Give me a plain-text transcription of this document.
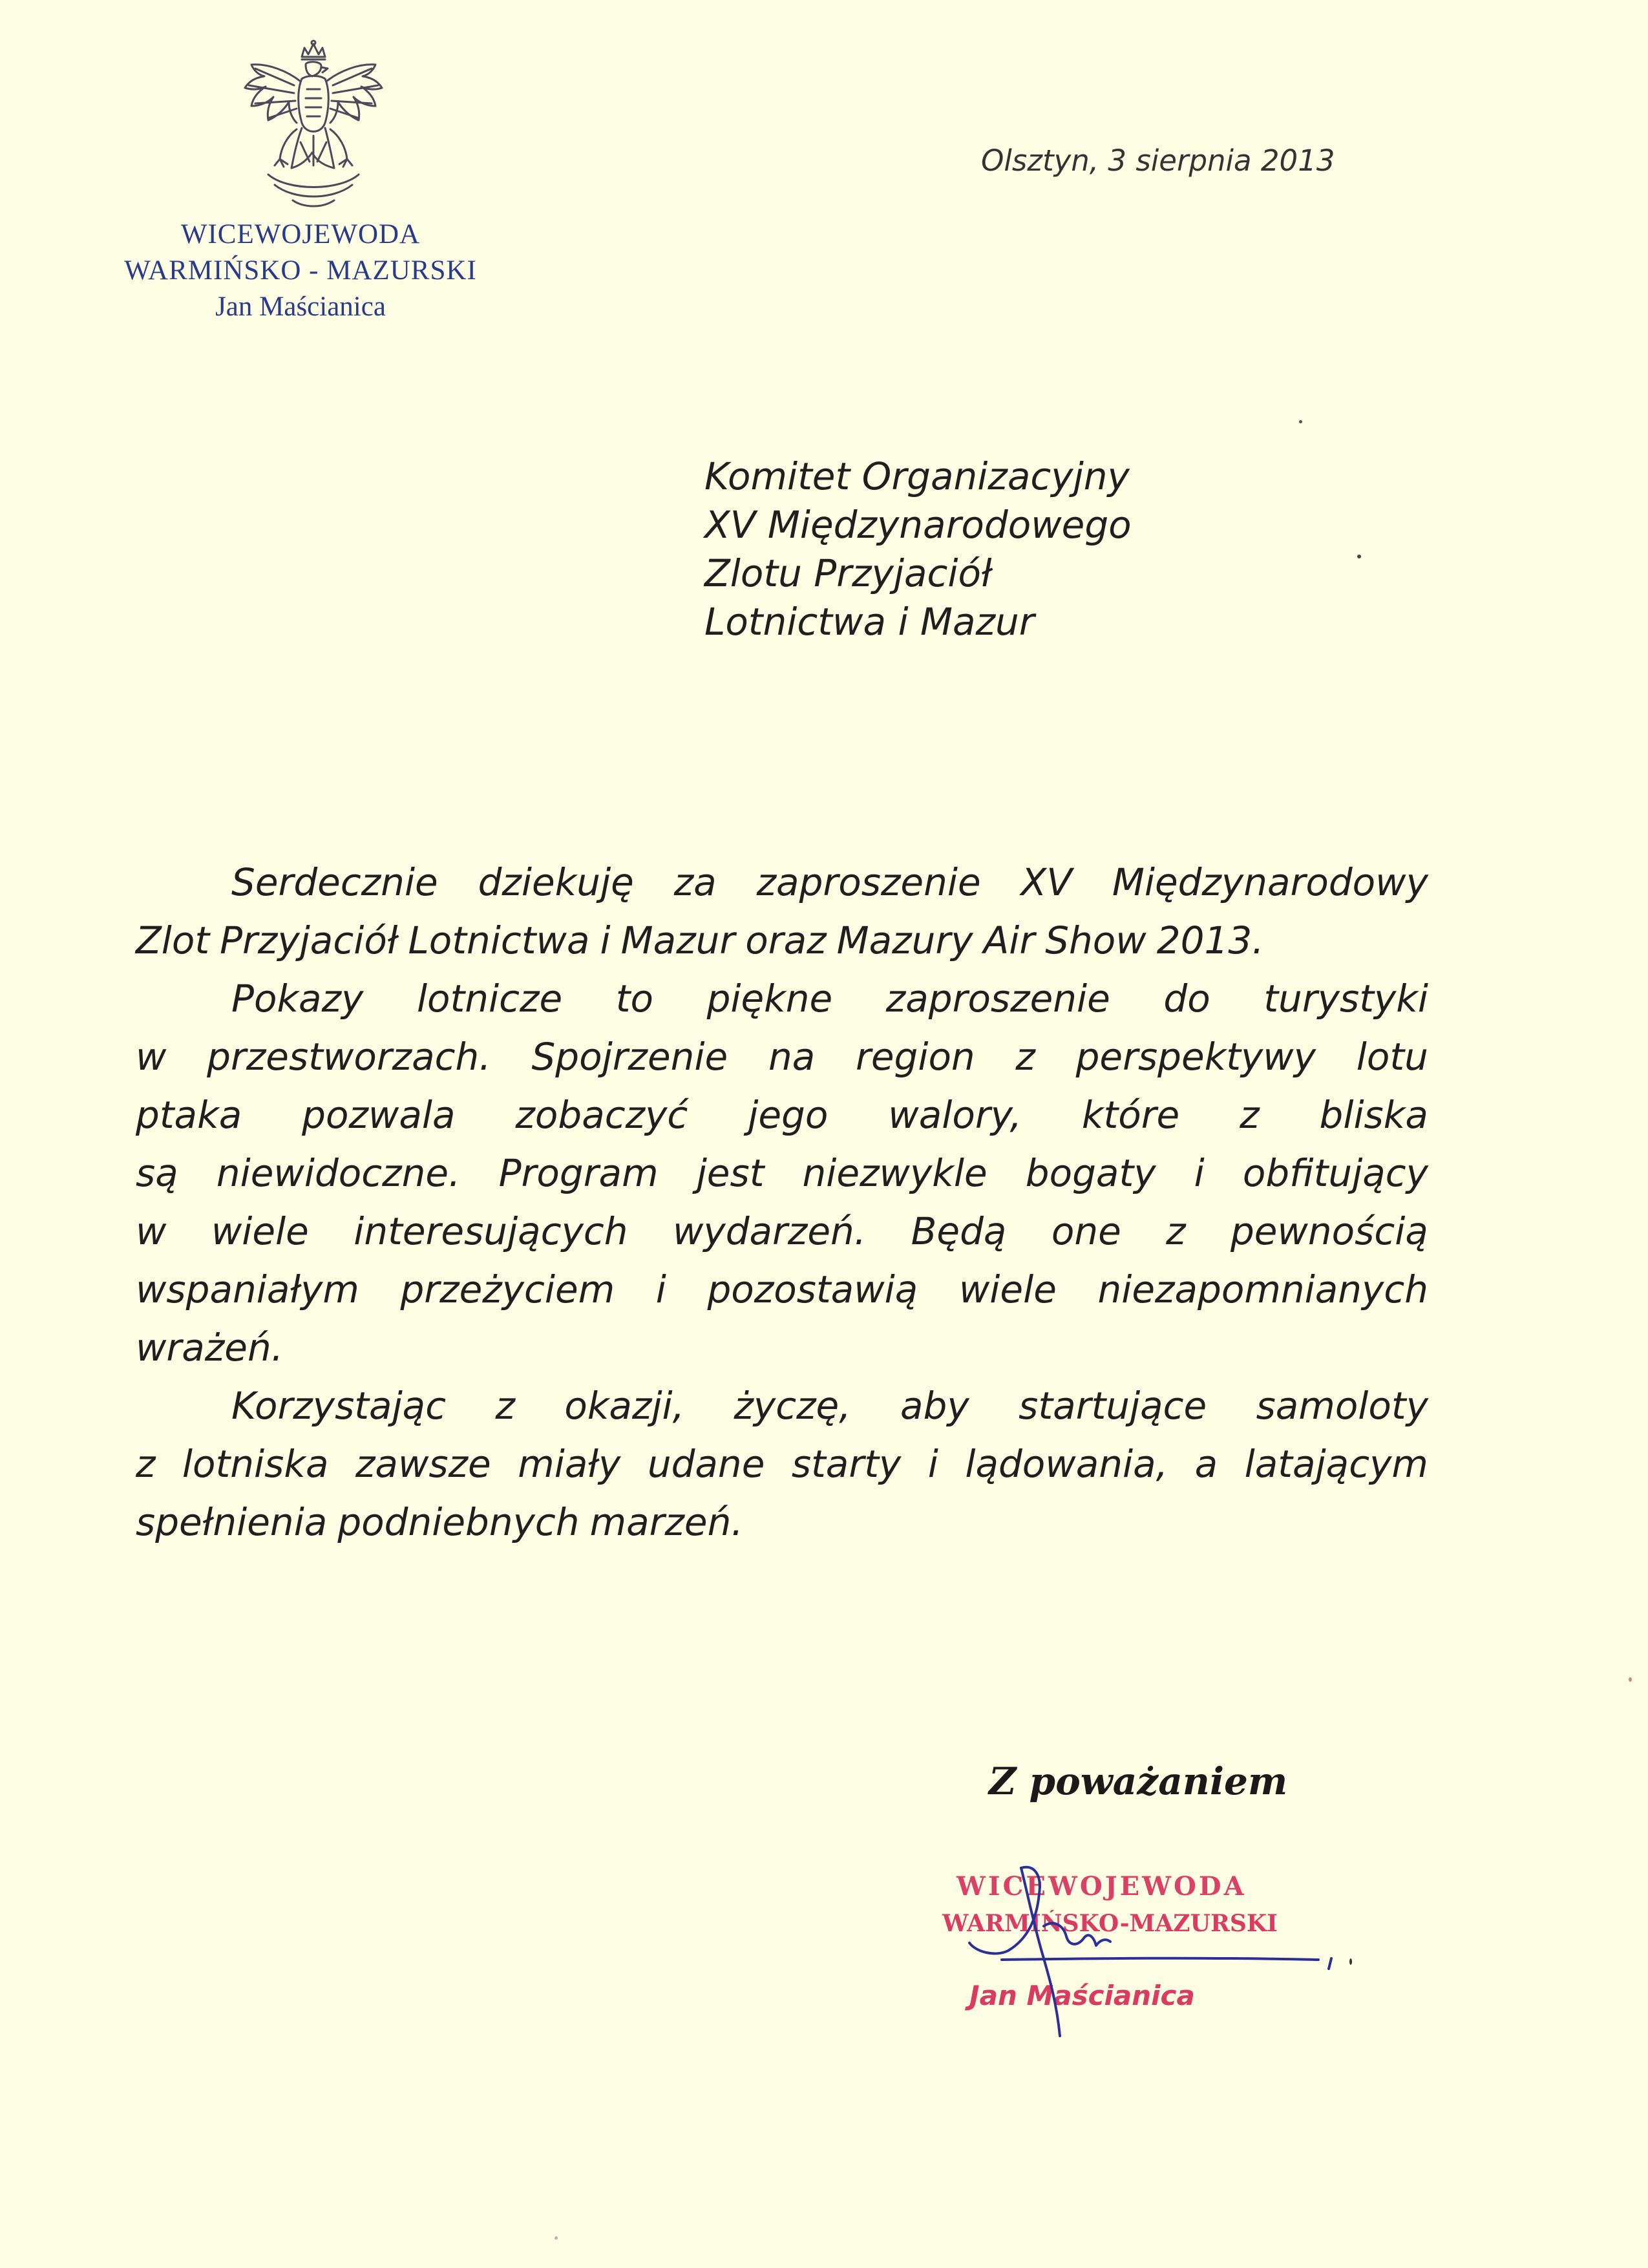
WICEWOJEWODA
WARMIŃSKO - MAZURSKI
Jan Maścianica
Olsztyn, 3 sierpnia 2013
Komitet Organizacyjny
XV Międzynarodowego
Zlotu Przyjaciół
Lotnictwa i Mazur
Serdecznie dziekuję za zaproszenie XV Międzynarodowy
Zlot Przyjaciół Lotnictwa i Mazur oraz Mazury Air Show 2013.
Pokazy lotnicze to piękne zaproszenie do turystyki
w przestworzach. Spojrzenie na region z perspektywy lotu
ptaka pozwala zobaczyć jego walory, które z bliska
są niewidoczne. Program jest niezwykle bogaty i obfitujący
w wiele interesujących wydarzeń. Będą one z pewnością
wspaniałym przeżyciem i pozostawią wiele niezapomnianych
wrażeń.
Korzystając z okazji, życzę, aby startujące samoloty
z lotniska zawsze miały udane starty i lądowania, a latającym
spełnienia podniebnych marzeń.
Z poważaniem
WICEWOJEWODA
WARMIŃSKO-MAZURSKI
Jan Maścianica
